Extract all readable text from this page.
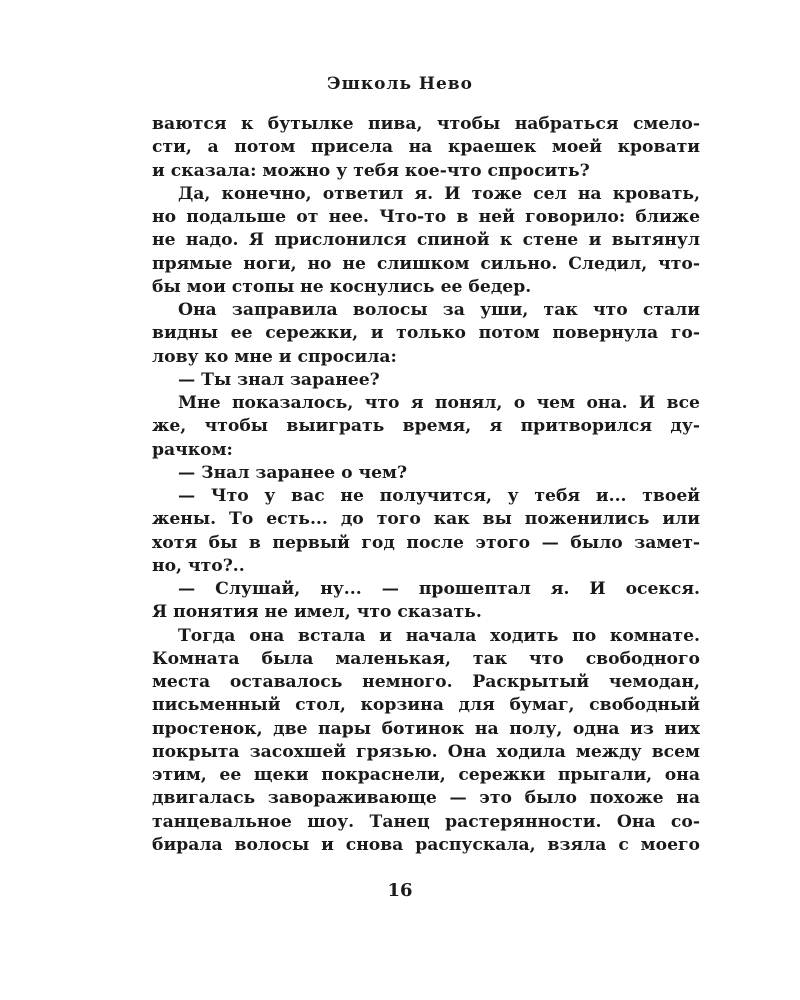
Эшколь Нево
ваются к бутылке пива, чтобы набраться смело-
сти, а потом присела на краешек моей кровати
и сказала: можно у тебя кое-что спросить?
Да, конечно, ответил я. И тоже сел на кровать,
но подальше от нее. Что-то в ней говорило: ближе
не надо. Я прислонился спиной к стене и вытянул
прямые ноги, но не слишком сильно. Следил, что-
бы мои стопы не коснулись ее бедер.
Она заправила волосы за уши, так что стали
видны ее сережки, и только потом повернула го-
лову ко мне и спросила:
— Ты знал заранее?
Мне показалось, что я понял, о чем она. И все
же, чтобы выиграть время, я притворился ду-
рачком:
— Знал заранее о чем?
— Что у вас не получится, у тебя и... твоей
жены. То есть... до того как вы поженились или
хотя бы в первый год после этого — было замет-
но, что?..
— Слушай, ну... — прошептал я. И осекся.
Я понятия не имел, что сказать.
Тогда она встала и начала ходить по комнате.
Комната была маленькая, так что свободного
места оставалось немного. Раскрытый чемодан,
письменный стол, корзина для бумаг, свободный
простенок, две пары ботинок на полу, одна из них
покрыта засохшей грязью. Она ходила между всем
этим, ее щеки покраснели, сережки прыгали, она
двигалась завораживающе — это было похоже на
танцевальное шоу. Танец растерянности. Она со-
бирала волосы и снова распускала, взяла с моего
16
